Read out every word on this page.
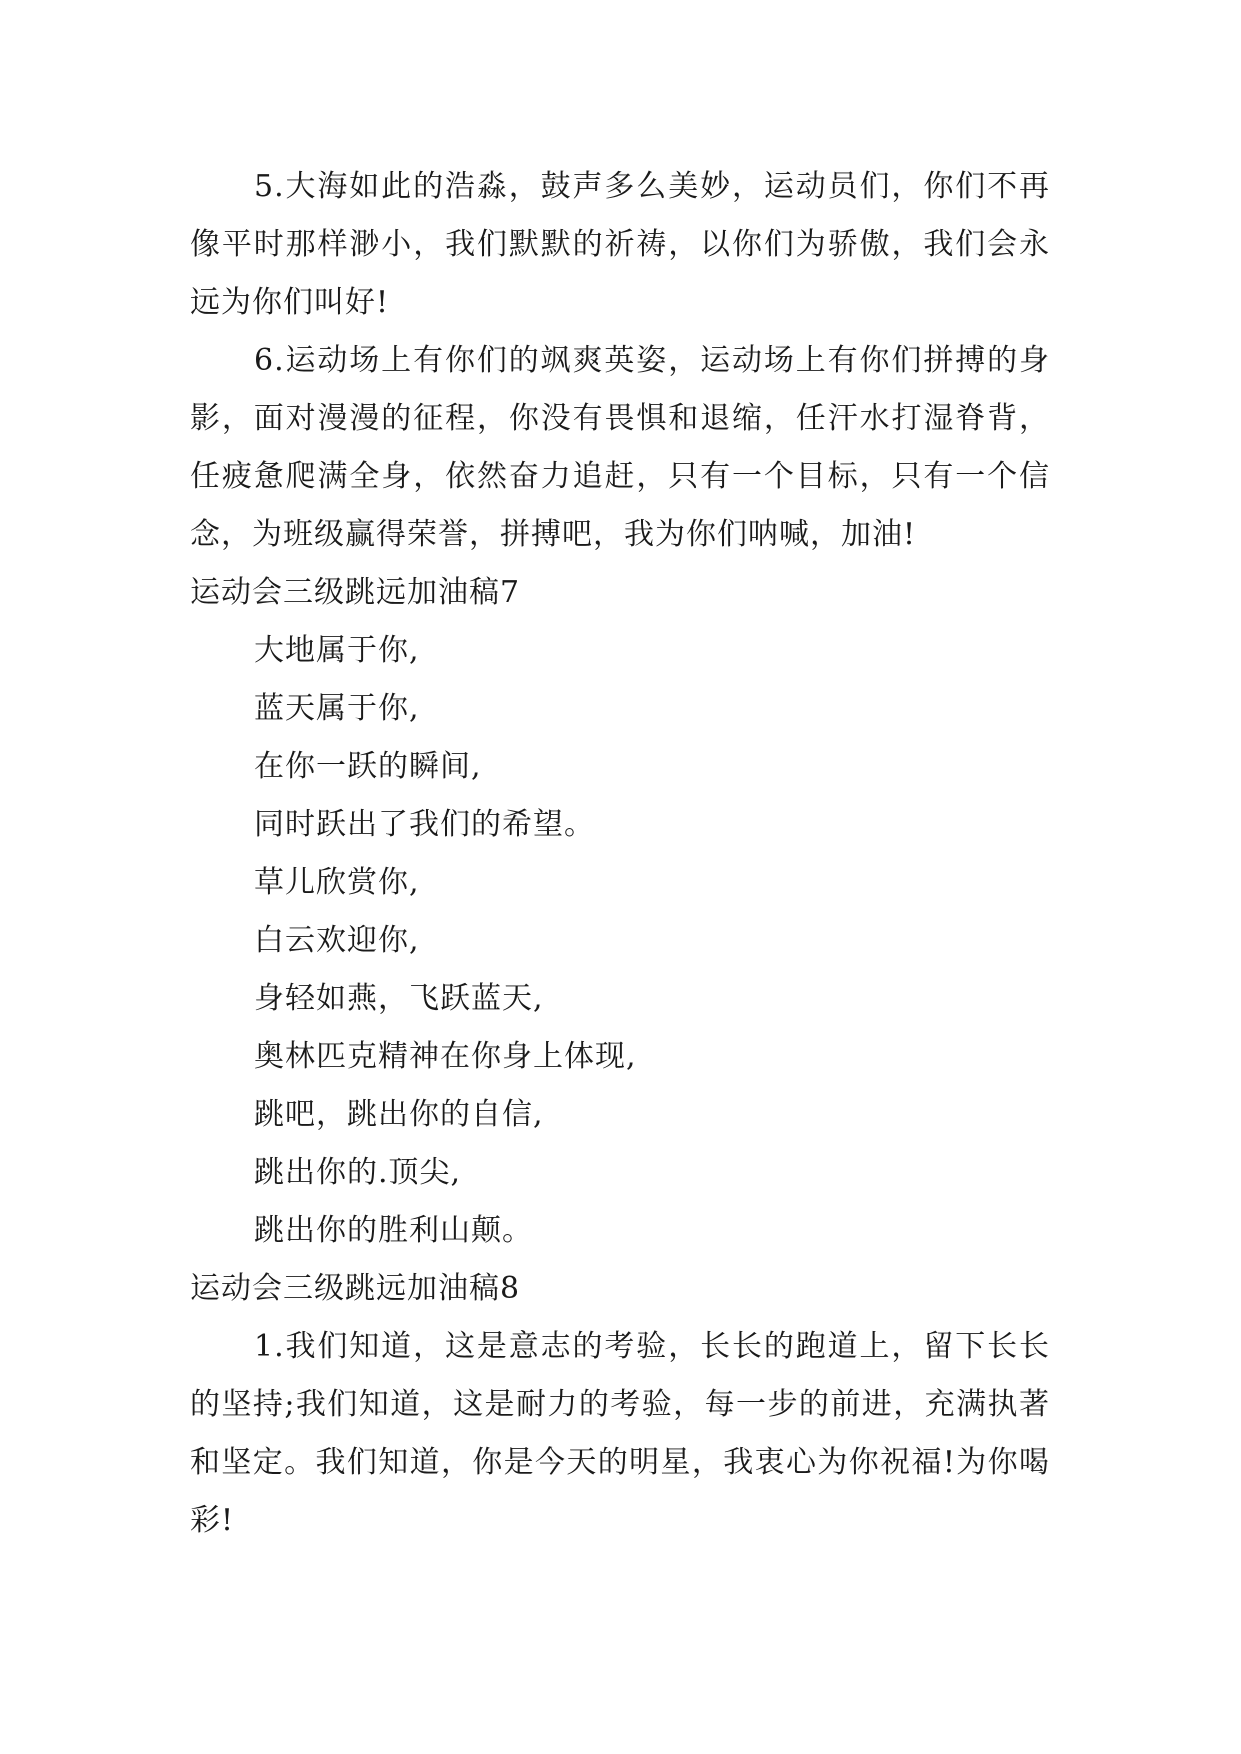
5.大海如此的浩淼，鼓声多么美妙，运动员们，你们不再像平时那样渺小，我们默默的祈祷，以你们为骄傲，我们会永远为你们叫好!

6.运动场上有你们的飒爽英姿，运动场上有你们拼搏的身影，面对漫漫的征程，你没有畏惧和退缩，任汗水打湿脊背，任疲惫爬满全身，依然奋力追赶，只有一个目标，只有一个信念，为班级赢得荣誉，拼搏吧，我为你们呐喊，加油!

运动会三级跳远加油稿7

大地属于你,

蓝天属于你,

在你一跃的瞬间,

同时跃出了我们的希望。

草儿欣赏你,

白云欢迎你,

身轻如燕，飞跃蓝天,

奥林匹克精神在你身上体现,

跳吧，跳出你的自信,

跳出你的.顶尖,

跳出你的胜利山颠。

运动会三级跳远加油稿8

1.我们知道，这是意志的考验，长长的跑道上，留下长长的坚持;我们知道，这是耐力的考验，每一步的前进，充满执著和坚定。我们知道，你是今天的明星，我衷心为你祝福!为你喝彩!
